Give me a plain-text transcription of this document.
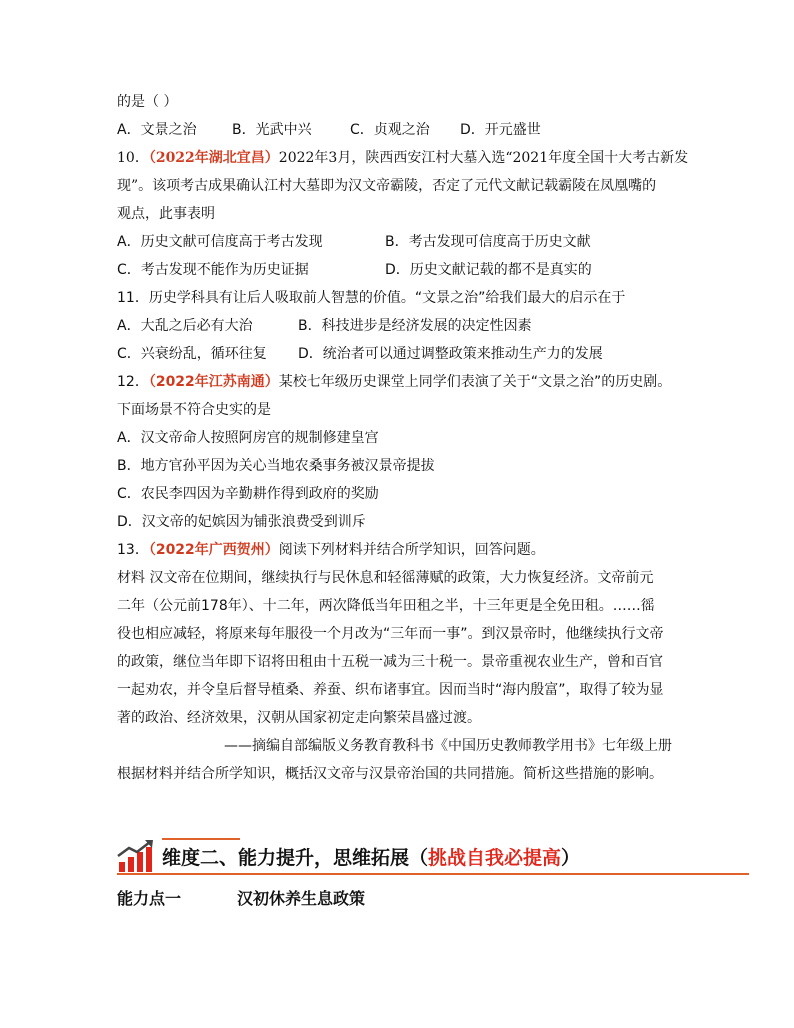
的是（ ）
A．文景之治	B．光武中兴	C．贞观之治 D．开元盛世
10．（2022年湖北宜昌）2022年3月，陕西西安江村大墓入选“2021年度全国十大考古新发
现”。该项考古成果确认江村大墓即为汉文帝霸陵，否定了元代文献记载霸陵在凤凰嘴的
观点，此事表明
A．历史文献可信度高于考古发现	B．考古发现可信度高于历史文献
C．考古发现不能作为历史证据	D．历史文献记载的都不是真实的
11．历史学科具有让后人吸取前人智慧的价值。“文景之治”给我们最大的启示在于
A．大乱之后必有大治	B．科技进步是经济发展的决定性因素
C．兴衰纷乱，循环往复 D．统治者可以通过调整政策来推动生产力的发展
12．（2022年江苏南通）某校七年级历史课堂上同学们表演了关于“文景之治”的历史剧。
下面场景不符合史实的是
A．汉文帝命人按照阿房宫的规制修建皇宫
B．地方官孙平因为关心当地农桑事务被汉景帝提拔
C．农民李四因为辛勤耕作得到政府的奖励
D．汉文帝的妃嫔因为铺张浪费受到训斥
13．（2022年广西贺州）阅读下列材料并结合所学知识，回答问题。
材料 汉文帝在位期间，继续执行与民休息和轻徭薄赋的政策，大力恢复经济。文帝前元
二年（公元前178年）、十二年，两次降低当年田租之半，十三年更是全免田租。……徭
役也相应减轻，将原来每年服役一个月改为“三年而一事”。到汉景帝时，他继续执行文帝
的政策，继位当年即下诏将田租由十五税一减为三十税一。景帝重视农业生产，曾和百官
一起劝农，并令皇后督导植桑、养蚕、织布诸事宜。因而当时“海内殷富”，取得了较为显
著的政治、经济效果，汉朝从国家初定走向繁荣昌盛过渡。
——摘编自部编版义务教育教科书《中国历史教师教学用书》七年级上册
根据材料并结合所学知识，概括汉文帝与汉景帝治国的共同措施。简析这些措施的影响。
维度二、能力提升，思维拓展（挑战自我必提高）
能力点一	汉初休养生息政策
